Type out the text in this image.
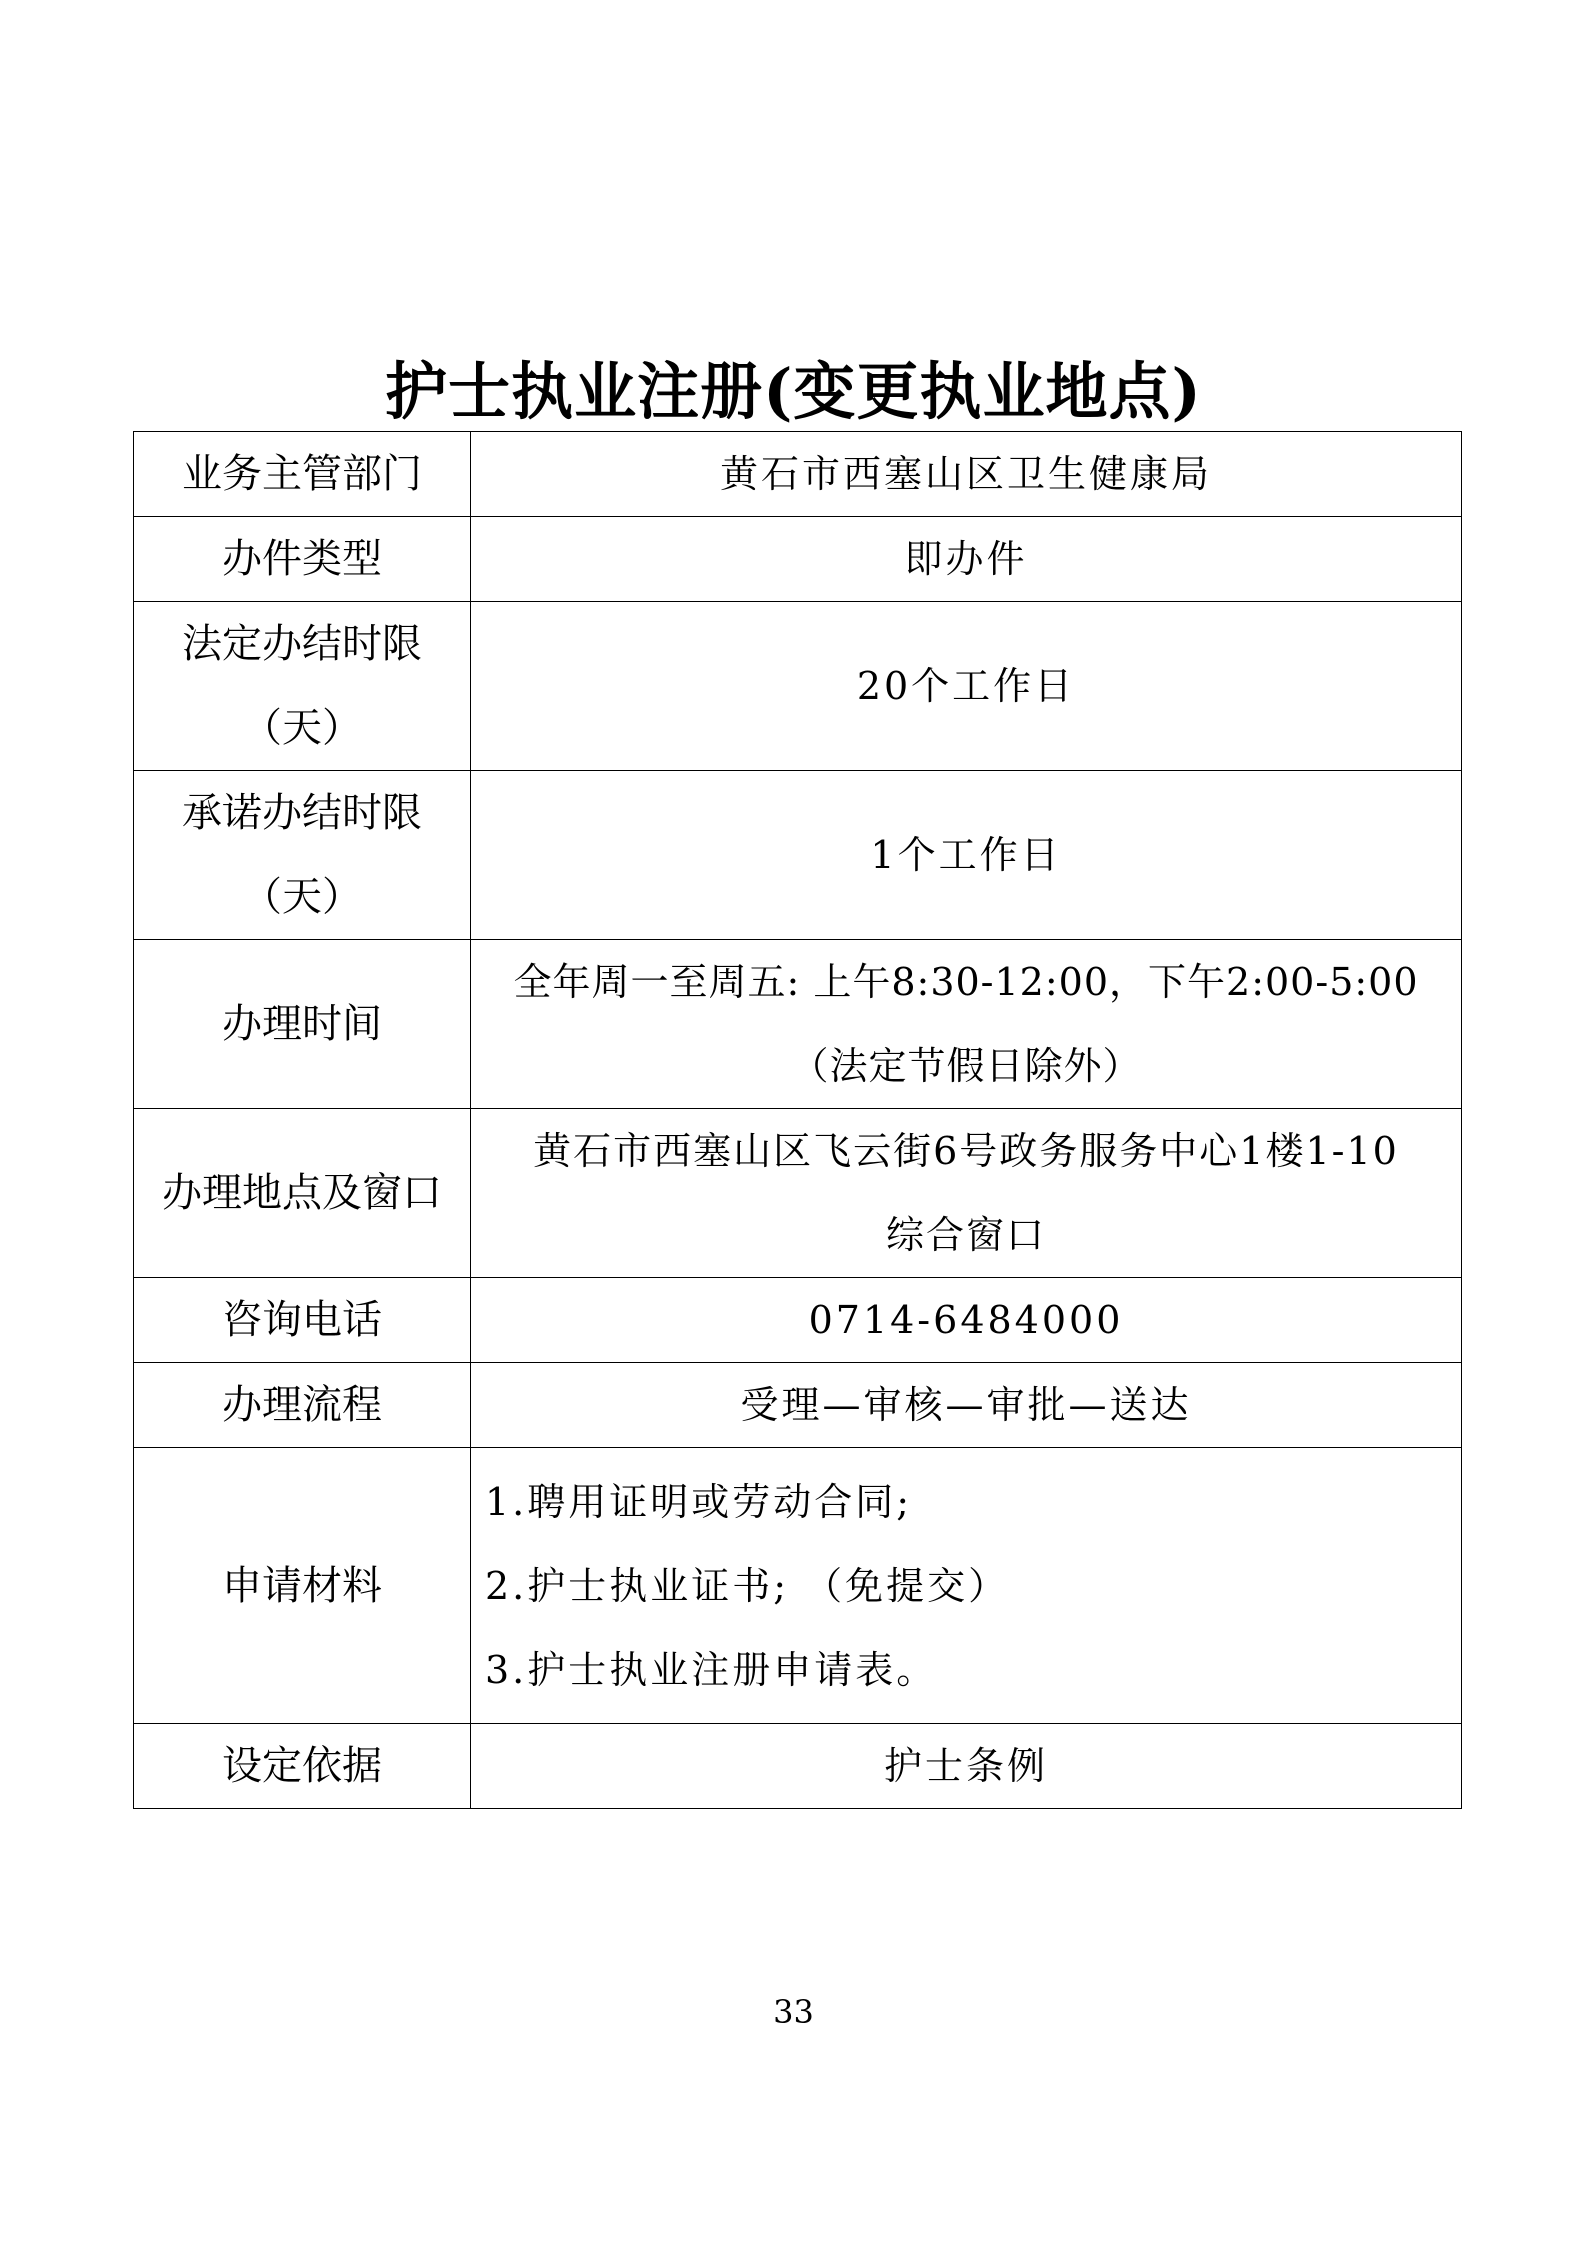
护士执业注册(变更执业地点)
业务主管部门	黄石市西塞山区卫生健康局

办件类型	即办件

法定办结时限
（天）	20个工作日

承诺办结时限
（天）	1个工作日

办理时间	全年周一至周五: 上午8:30-12:00，下午2:00-5:00
（法定节假日除外）

办理地点及窗口	黄石市西塞山区飞云街6号政务服务中心1楼1-10
综合窗口

咨询电话	0714-6484000

办理流程	受理—审核—审批—送达

申请材料	1.聘用证明或劳动合同;
2.护士执业证书; （免提交）
3.护士执业注册申请表。

设定依据	护士条例
33
